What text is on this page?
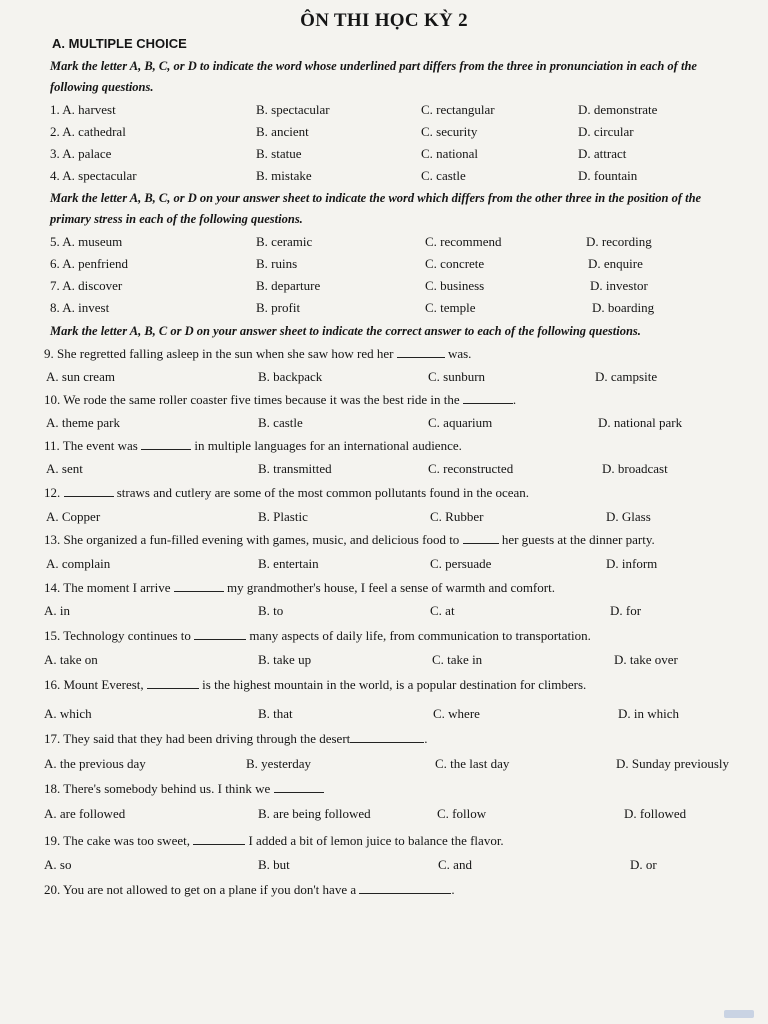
ÔN THI HỌC KỲ 2
A. MULTIPLE CHOICE
Mark the letter A, B, C, or D to indicate the word whose underlined part differs from the three in pronunciation in each of the following questions.
1. A. harvest	B. spectacular	C. rectangular	D. demonstrate
2. A. cathedral	B. ancient	C. security	D. circular
3. A. palace	B. statue	C. national	D. attract
4. A. spectacular	B. mistake	C. castle	D. fountain
Mark the letter A, B, C, or D on your answer sheet to indicate the word which differs from the other three in the position of the primary stress in each of the following questions.
5. A. museum	B. ceramic	C. recommend	D. recording
6. A. penfriend	B. ruins	C. concrete	D. enquire
7. A. discover	B. departure	C. business	D. investor
8. A. invest	B. profit	C. temple	D. boarding
Mark the letter A, B, C or D on your answer sheet to indicate the correct answer to each of the following questions.
9. She regretted falling asleep in the sun when she saw how red her	was.
A. sun cream	B. backpack	C. sunburn	D. campsite
10. We rode the same roller coaster five times because it was the best ride in the	.
A. theme park	B. castle	C. aquarium	D. national park
11. The event was	in multiple languages for an international audience.
A. sent	B. transmitted	C. reconstructed	D. broadcast
12.	straws and cutlery are some of the most common pollutants found in the ocean.
A. Copper	B. Plastic	C. Rubber	D. Glass
13. She organized a fun-filled evening with games, music, and delicious food to	her guests at the dinner party.
A. complain	B. entertain	C. persuade	D. inform
14. The moment I arrive	my grandmother's house, I feel a sense of warmth and comfort.
A. in	B. to	C. at	D. for
15. Technology continues to	many aspects of daily life, from communication to transportation.
A. take on	B. take up	C. take in	D. take over
16. Mount Everest,	is the highest mountain in the world, is a popular destination for climbers.
A. which	B. that	C. where	D. in which
17. They said that they had been driving through the desert	.
A. the previous day	B. yesterday	C. the last day	D. Sunday previously
18. There's somebody behind us. I think we
A. are followed	B. are being followed	C. follow	D. followed
19. The cake was too sweet,	I added a bit of lemon juice to balance the flavor.
A. so	B. but	C. and	D. or
20. You are not allowed to get on a plane if you don't have a	.
